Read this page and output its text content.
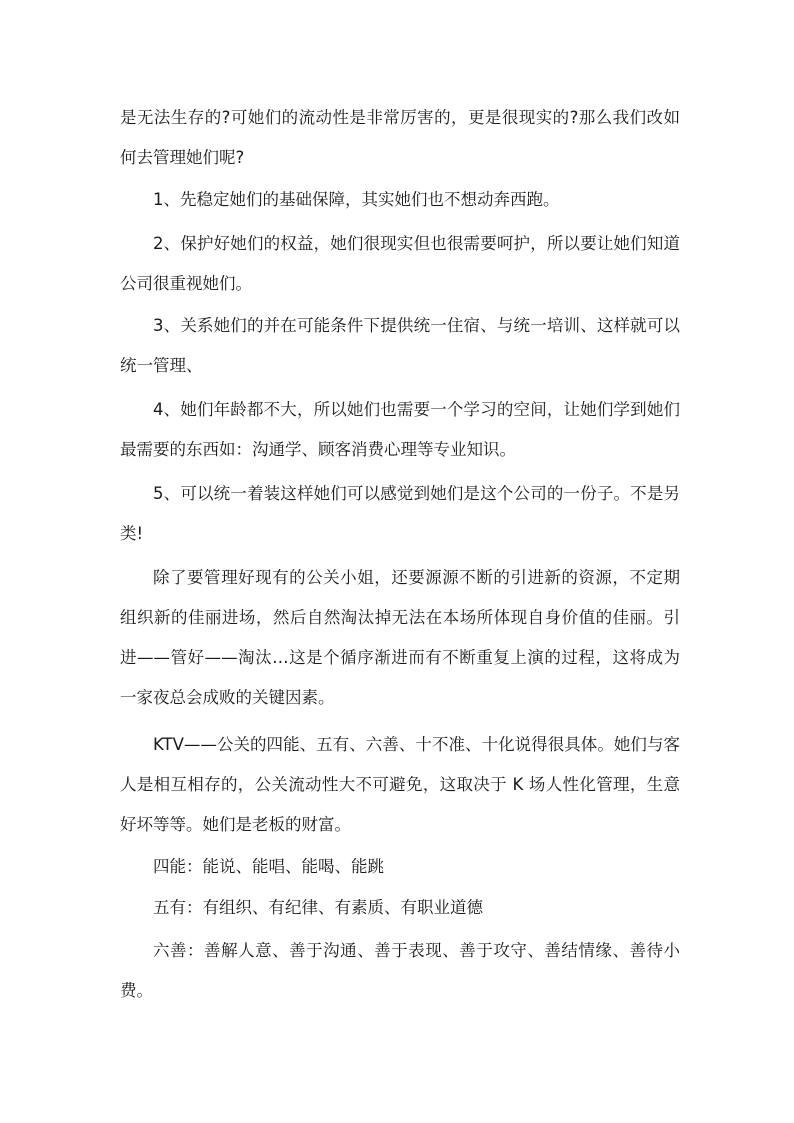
是无法生存的?可她们的流动性是非常厉害的，更是很现实的?那么我们改如何去管理她们呢?

1、先稳定她们的基础保障，其实她们也不想动奔西跑。

2、保护好她们的权益，她们很现实但也很需要呵护，所以要让她们知道公司很重视她们。

3、关系她们的并在可能条件下提供统一住宿、与统一培训、这样就可以统一管理、

4、她们年龄都不大，所以她们也需要一个学习的空间，让她们学到她们最需要的东西如：沟通学、顾客消费心理等专业知识。

5、可以统一着装这样她们可以感觉到她们是这个公司的一份子。不是另类!

除了要管理好现有的公关小姐，还要源源不断的引进新的资源，不定期组织新的佳丽进场，然后自然淘汰掉无法在本场所体现自身价值的佳丽。引进——管好——淘汰…这是个循序渐进而有不断重复上演的过程，这将成为一家夜总会成败的关键因素。

KTV——公关的四能、五有、六善、十不准、十化说得很具体。她们与客人是相互相存的，公关流动性大不可避免，这取决于 K 场人性化管理，生意好坏等等。她们是老板的财富。

四能：能说、能唱、能喝、能跳

五有：有组织、有纪律、有素质、有职业道德

六善：善解人意、善于沟通、善于表现、善于攻守、善结情缘、善待小费。
